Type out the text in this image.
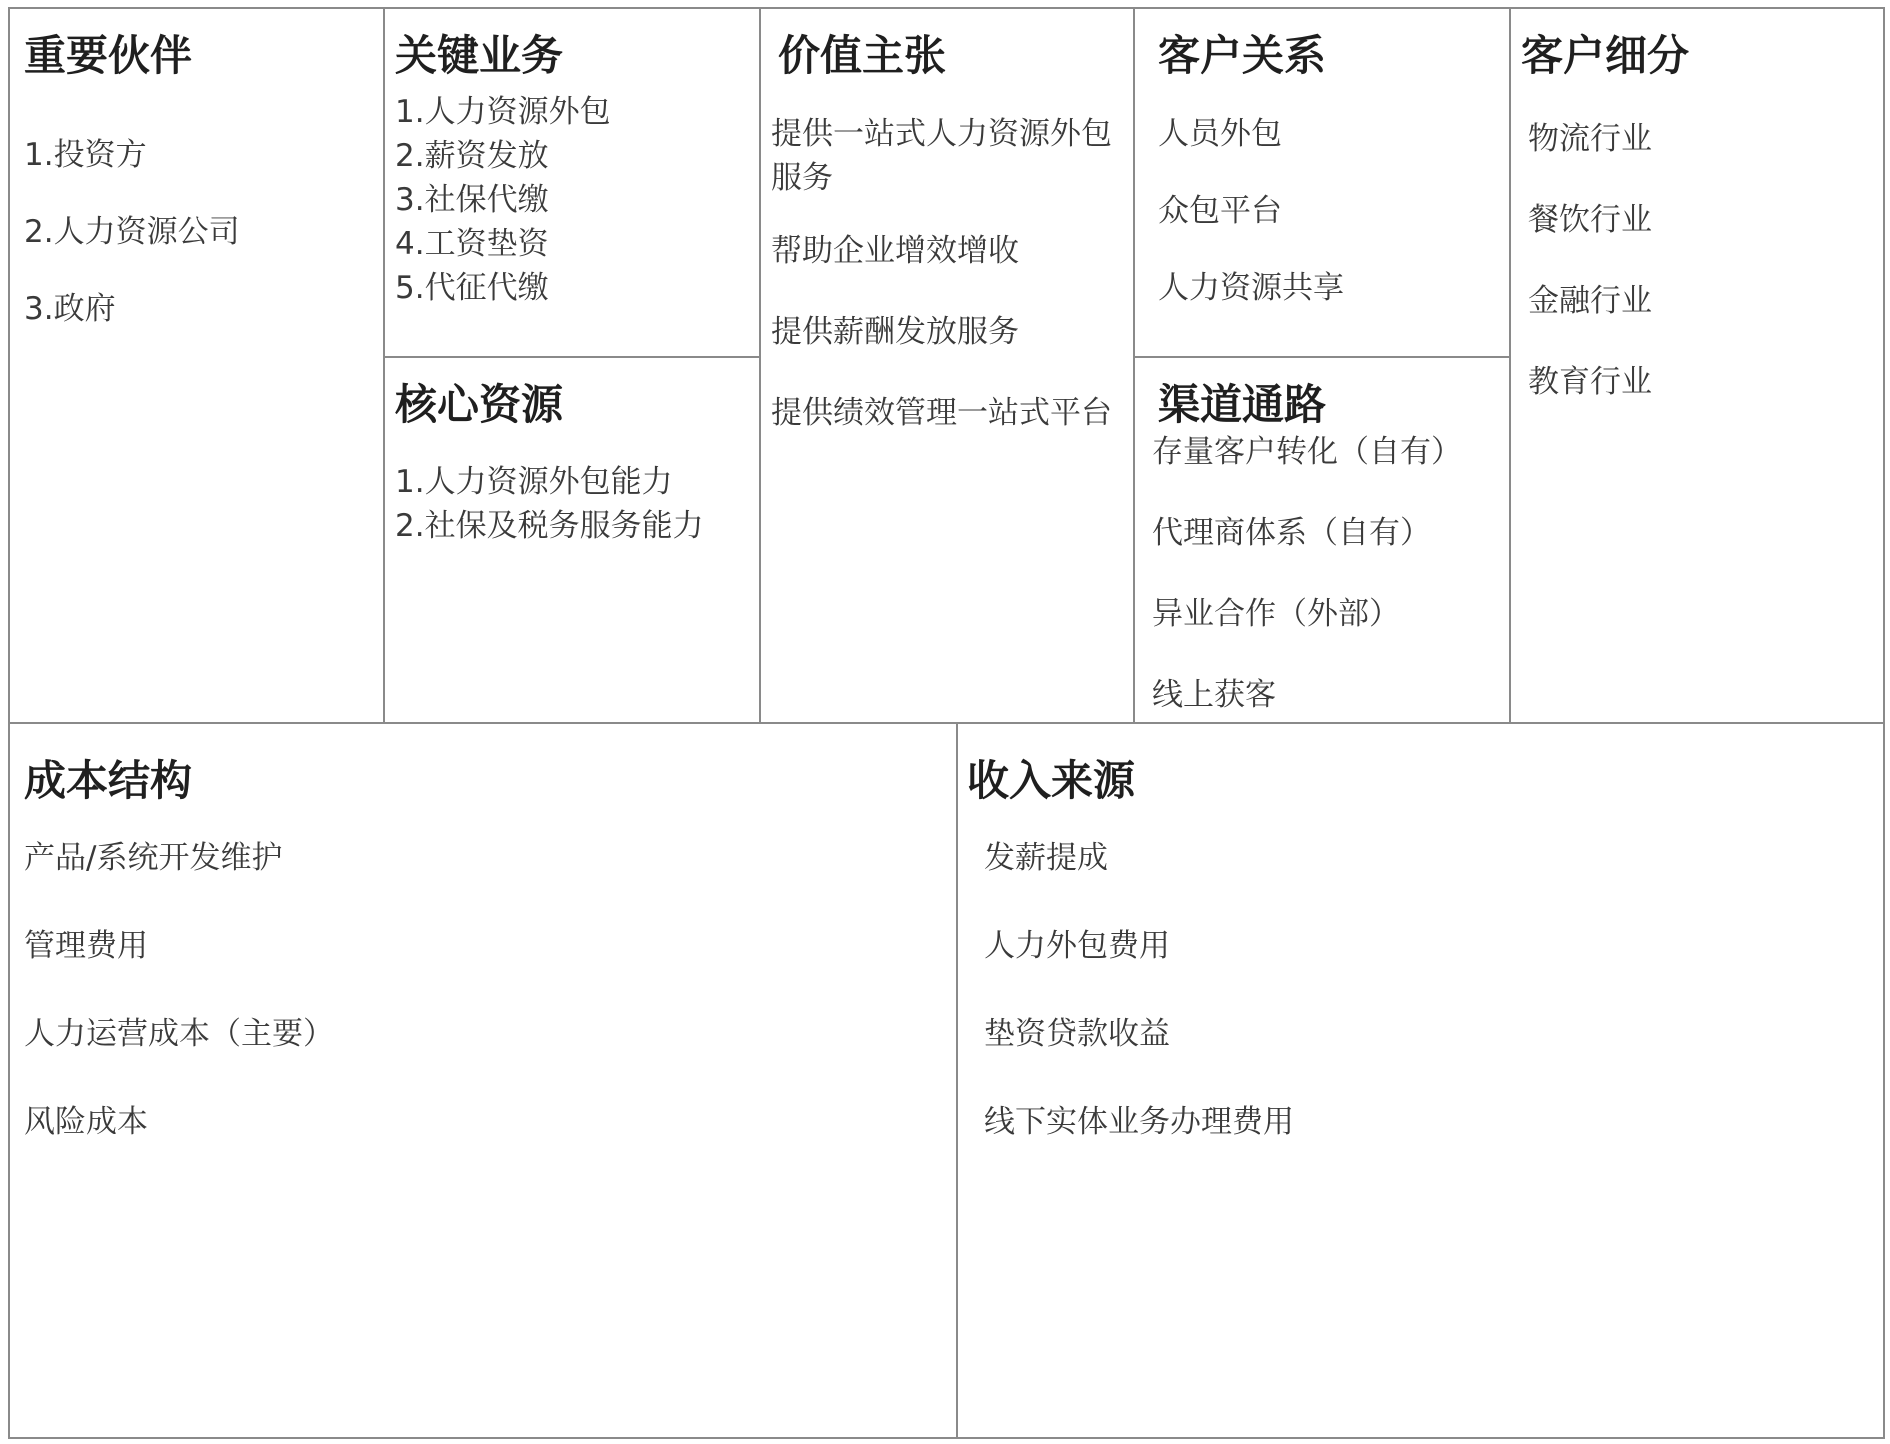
重要伙伴
1.投资方
2.人力资源公司
3.政府
关键业务
1.人力资源外包
2.薪资发放
3.社保代缴
4.工资垫资
5.代征代缴
核心资源
1.人力资源外包能力
2.社保及税务服务能力
价值主张
提供一站式人力资源外包服务
帮助企业增效增收
提供薪酬发放服务
提供绩效管理一站式平台
客户关系
人员外包
众包平台
人力资源共享
渠道通路
存量客户转化（自有）
代理商体系（自有）
异业合作（外部）
线上获客
客户细分
物流行业
餐饮行业
金融行业
教育行业
成本结构
产品/系统开发维护
管理费用
人力运营成本（主要）
风险成本
收入来源
发薪提成
人力外包费用
垫资贷款收益
线下实体业务办理费用
